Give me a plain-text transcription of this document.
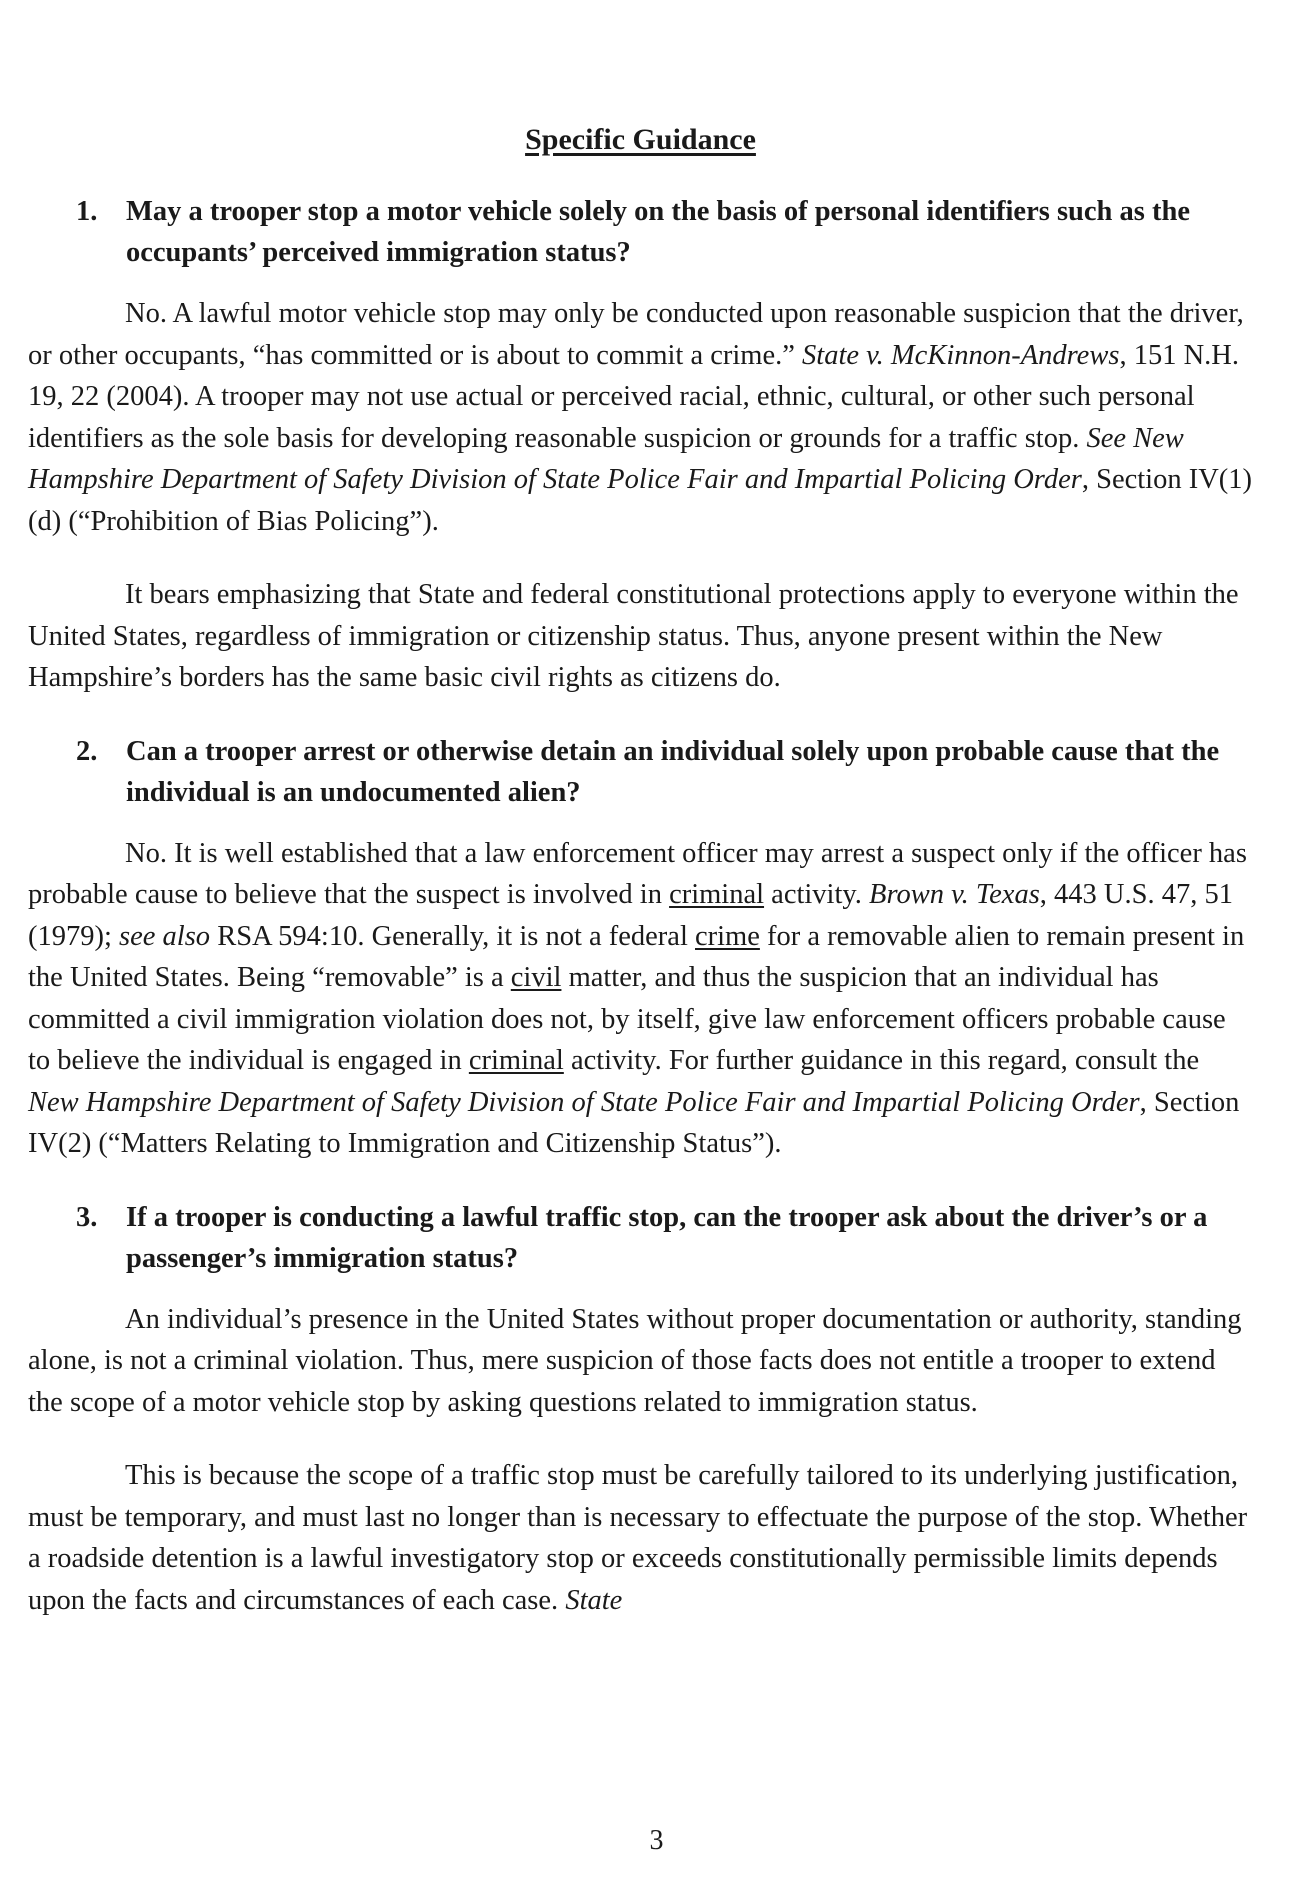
Specific Guidance
1.	May a trooper stop a motor vehicle solely on the basis of personal identifiers such as the occupants’ perceived immigration status?

No. A lawful motor vehicle stop may only be conducted upon reasonable suspicion that the driver, or other occupants, “has committed or is about to commit a crime.” State v. McKinnon-Andrews, 151 N.H. 19, 22 (2004). A trooper may not use actual or perceived racial, ethnic, cultural, or other such personal identifiers as the sole basis for developing reasonable suspicion or grounds for a traffic stop. See New Hampshire Department of Safety Division of State Police Fair and Impartial Policing Order, Section IV(1)(d) (“Prohibition of Bias Policing”).

It bears emphasizing that State and federal constitutional protections apply to everyone within the United States, regardless of immigration or citizenship status. Thus, anyone present within the New Hampshire’s borders has the same basic civil rights as citizens do.

2.	Can a trooper arrest or otherwise detain an individual solely upon probable cause that the individual is an undocumented alien?

No. It is well established that a law enforcement officer may arrest a suspect only if the officer has probable cause to believe that the suspect is involved in criminal activity. Brown v. Texas, 443 U.S. 47, 51 (1979); see also RSA 594:10. Generally, it is not a federal crime for a removable alien to remain present in the United States. Being “removable” is a civil matter, and thus the suspicion that an individual has committed a civil immigration violation does not, by itself, give law enforcement officers probable cause to believe the individual is engaged in criminal activity. For further guidance in this regard, consult the New Hampshire Department of Safety Division of State Police Fair and Impartial Policing Order, Section IV(2) (“Matters Relating to Immigration and Citizenship Status”).

3.	If a trooper is conducting a lawful traffic stop, can the trooper ask about the driver’s or a passenger’s immigration status?

An individual’s presence in the United States without proper documentation or authority, standing alone, is not a criminal violation. Thus, mere suspicion of those facts does not entitle a trooper to extend the scope of a motor vehicle stop by asking questions related to immigration status.

This is because the scope of a traffic stop must be carefully tailored to its underlying justification, must be temporary, and must last no longer than is necessary to effectuate the purpose of the stop. Whether a roadside detention is a lawful investigatory stop or exceeds constitutionally permissible limits depends upon the facts and circumstances of each case. State

3
